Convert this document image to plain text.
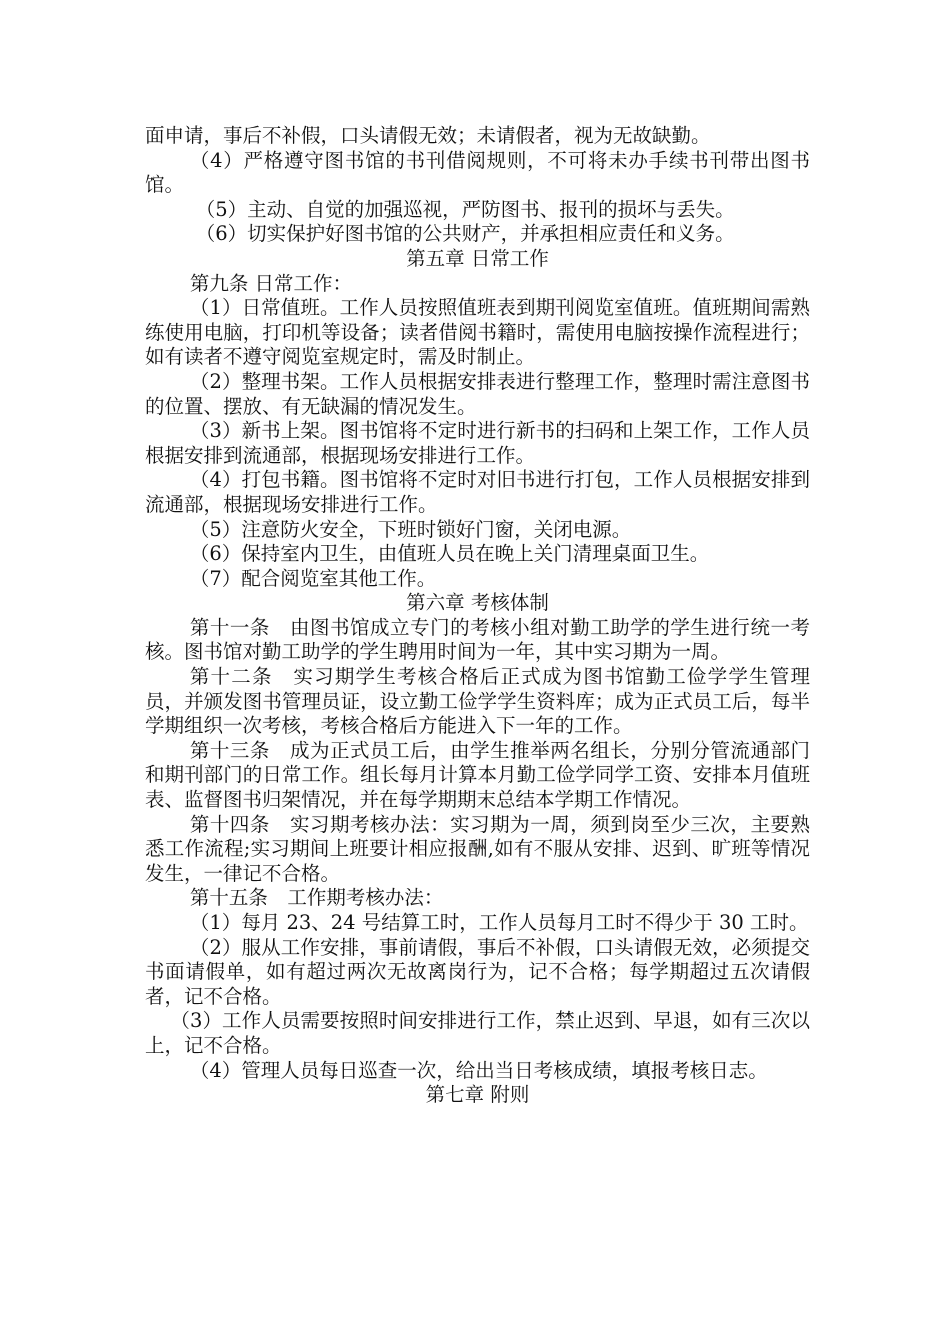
面申请，事后不补假，口头请假无效；未请假者，视为无故缺勤。

（4）严格遵守图书馆的书刊借阅规则，不可将未办手续书刊带出图书馆。

（5）主动、自觉的加强巡视，严防图书、报刊的损坏与丢失。

（6）切实保护好图书馆的公共财产，并承担相应责任和义务。

第五章 日常工作

第九条 日常工作：

（1）日常值班。工作人员按照值班表到期刊阅览室值班。值班期间需熟练使用电脑，打印机等设备；读者借阅书籍时，需使用电脑按操作流程进行；如有读者不遵守阅览室规定时，需及时制止。

（2）整理书架。工作人员根据安排表进行整理工作，整理时需注意图书的位置、摆放、有无缺漏的情况发生。

（3）新书上架。图书馆将不定时进行新书的扫码和上架工作，工作人员根据安排到流通部，根据现场安排进行工作。

（4）打包书籍。图书馆将不定时对旧书进行打包，工作人员根据安排到流通部，根据现场安排进行工作。

（5）注意防火安全，下班时锁好门窗，关闭电源。

（6）保持室内卫生，由值班人员在晚上关门清理桌面卫生。

（7）配合阅览室其他工作。

第六章 考核体制

第十一条　由图书馆成立专门的考核小组对勤工助学的学生进行统一考核。图书馆对勤工助学的学生聘用时间为一年，其中实习期为一周。

第十二条　实习期学生考核合格后正式成为图书馆勤工俭学学生管理员，并颁发图书管理员证，设立勤工俭学学生资料库；成为正式员工后，每半学期组织一次考核，考核合格后方能进入下一年的工作。

第十三条　成为正式员工后，由学生推举两名组长，分别分管流通部门和期刊部门的日常工作。组长每月计算本月勤工俭学同学工资、安排本月值班表、监督图书归架情况，并在每学期期末总结本学期工作情况。

第十四条　实习期考核办法：实习期为一周，须到岗至少三次，主要熟悉工作流程;实习期间上班要计相应报酬,如有不服从安排、迟到、旷班等情况发生，一律记不合格。

第十五条　工作期考核办法：

（1）每月 23、24 号结算工时，工作人员每月工时不得少于 30 工时。

（2）服从工作安排，事前请假，事后不补假，口头请假无效，必须提交书面请假单，如有超过两次无故离岗行为，记不合格；每学期超过五次请假者，记不合格。

（3）工作人员需要按照时间安排进行工作，禁止迟到、早退，如有三次以上，记不合格。

（4）管理人员每日巡查一次，给出当日考核成绩，填报考核日志。

第七章 附则
